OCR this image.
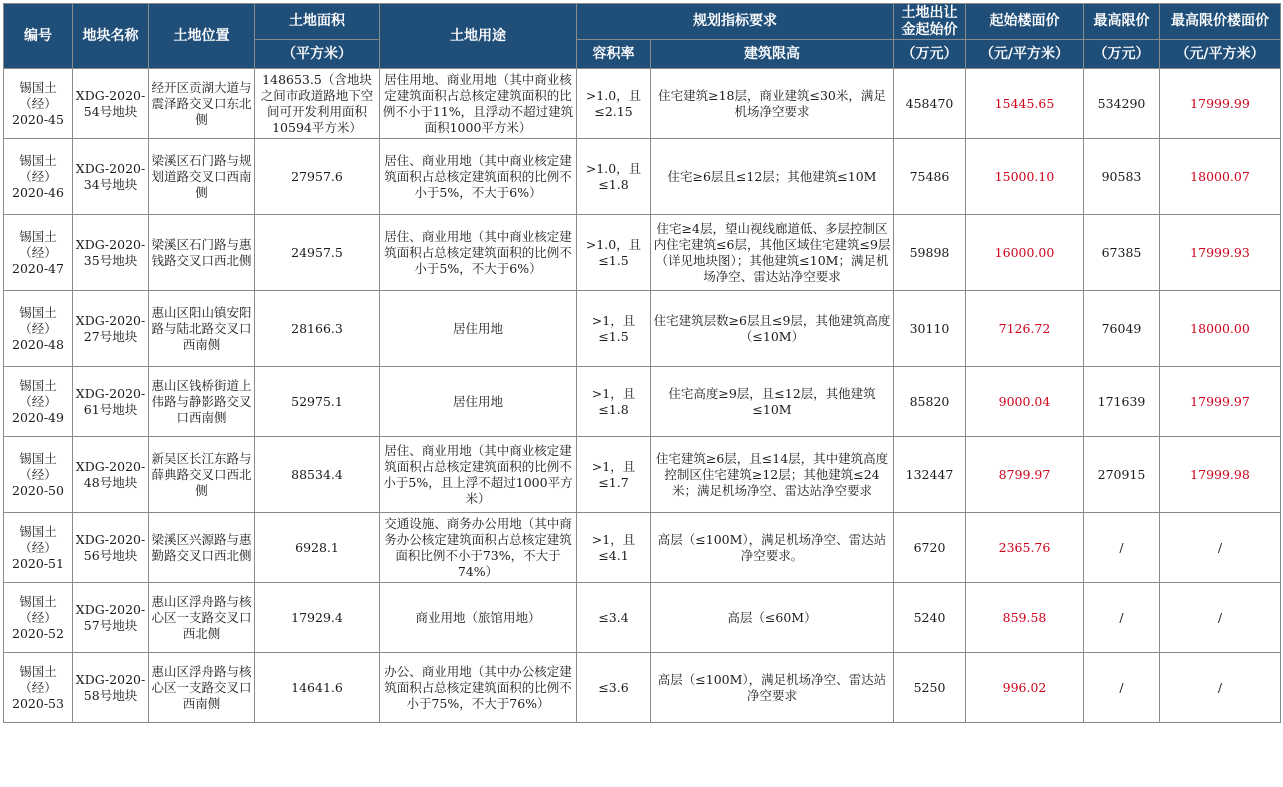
编号	地块名称	土地位置	土地面积	土地用途	规划指标要求		土地出让金起始价	起始楼面价	最高限价	最高限价楼面价
			（平方米）		容积率	建筑限高	（万元）	（元/平方米）	（万元）	（元/平方米）
锡国土（经）2020-45	XDG-2020-54号地块	经开区贡湖大道与震泽路交叉口东北侧	148653.5（含地块之间市政道路地下空间可开发利用面积10594平方米）	居住用地、商业用地（其中商业核定建筑面积占总核定建筑面积的比例不小于11%，且浮动不超过建筑面积1000平方米）	>1.0，且≤2.15	住宅建筑≥18层，商业建筑≤30米，满足机场净空要求	458470	15445.65	534290	17999.99
锡国土（经）2020-46	XDG-2020-34号地块	梁溪区石门路与规划道路交叉口西南侧	27957.6	居住、商业用地（其中商业核定建筑面积占总核定建筑面积的比例不小于5%，不大于6%）	>1.0，且≤1.8	住宅≥6层且≤12层；其他建筑≤10M	75486	15000.10	90583	18000.07
锡国土（经）2020-47	XDG-2020-35号地块	梁溪区石门路与惠钱路交叉口西北侧	24957.5	居住、商业用地（其中商业核定建筑面积占总核定建筑面积的比例不小于5%，不大于6%）	>1.0，且≤1.5	住宅≥4层，望山视线廊道低、多层控制区内住宅建筑≤6层，其他区域住宅建筑≤9层（详见地块图）；其他建筑≤10M；满足机场净空、雷达站净空要求	59898	16000.00	67385	17999.93
锡国土（经）2020-48	XDG-2020-27号地块	惠山区阳山镇安阳路与陆北路交叉口西南侧	28166.3	居住用地	>1，且≤1.5	住宅建筑层数≥6层且≤9层，其他建筑高度（≤10M）	30110	7126.72	76049	18000.00
锡国土（经）2020-49	XDG-2020-61号地块	惠山区钱桥街道上伟路与静影路交叉口西南侧	52975.1	居住用地	>1，且≤1.8	住宅高度≥9层，且≤12层，其他建筑≤10M	85820	9000.04	171639	17999.97
锡国土（经）2020-50	XDG-2020-48号地块	新吴区长江东路与薛典路交叉口西北侧	88534.4	居住、商业用地（其中商业核定建筑面积占总核定建筑面积的比例不小于5%，且上浮不超过1000平方米）	>1，且≤1.7	住宅建筑≥6层，且≤14层，其中建筑高度控制区住宅建筑≥12层；其他建筑≤24米；满足机场净空、雷达站净空要求	132447	8799.97	270915	17999.98
锡国土（经）2020-51	XDG-2020-56号地块	梁溪区兴源路与惠勤路交叉口西北侧	6928.1	交通设施、商务办公用地（其中商务办公核定建筑面积占总核定建筑面积比例不小于73%，不大于74%）	>1，且≤4.1	高层（≤100M），满足机场净空、雷达站净空要求。	6720	2365.76	/	/
锡国土（经）2020-52	XDG-2020-57号地块	惠山区浮舟路与核心区一支路交叉口西北侧	17929.4	商业用地（旅馆用地）	≤3.4	高层（≤60M）	5240	859.58	/	/
锡国土（经）2020-53	XDG-2020-58号地块	惠山区浮舟路与核心区一支路交叉口西南侧	14641.6	办公、商业用地（其中办公核定建筑面积占总核定建筑面积的比例不小于75%，不大于76%）	≤3.6	高层（≤100M），满足机场净空、雷达站净空要求	5250	996.02	/	/
